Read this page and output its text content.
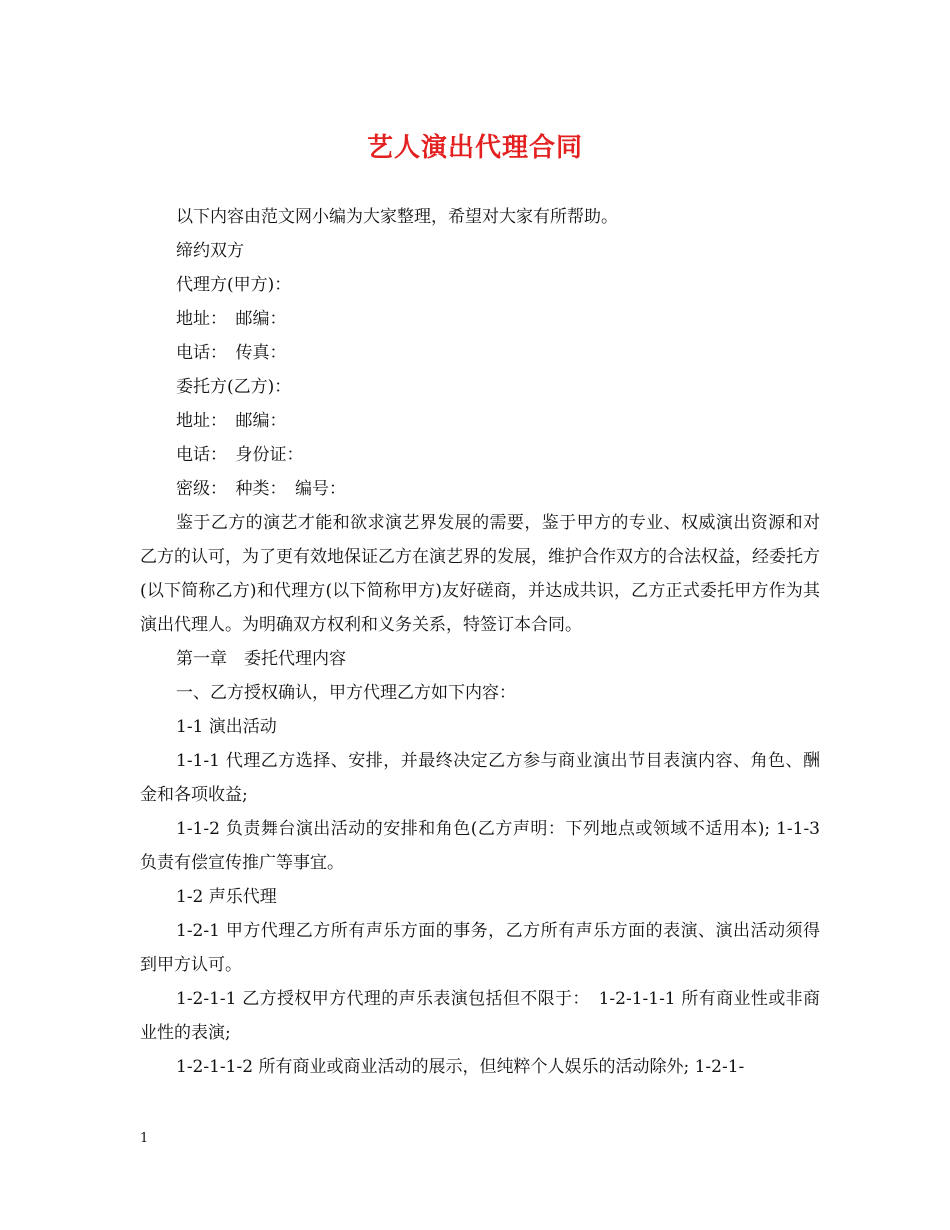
艺人演出代理合同

以下内容由范文网小编为大家整理，希望对大家有所帮助。

缔约双方

代理方(甲方)：

地址：　邮编：

电话：　传真：

委托方(乙方)：

地址：　邮编：

电话：　身份证：

密级：　种类：　编号：

鉴于乙方的演艺才能和欲求演艺界发展的需要，鉴于甲方的专业、权威演出资源和对乙方的认可，为了更有效地保证乙方在演艺界的发展，维护合作双方的合法权益，经委托方(以下简称乙方)和代理方(以下简称甲方)友好磋商，并达成共识，乙方正式委托甲方作为其演出代理人。为明确双方权利和义务关系，特签订本合同。

第一章　委托代理内容

一、乙方授权确认，甲方代理乙方如下内容：

1-1 演出活动

1-1-1 代理乙方选择、安排，并最终决定乙方参与商业演出节目表演内容、角色、酬金和各项收益;

1-1-2 负责舞台演出活动的安排和角色(乙方声明：下列地点或领域不适用本); 1-1-3 负责有偿宣传推广等事宜。

1-2 声乐代理

1-2-1 甲方代理乙方所有声乐方面的事务，乙方所有声乐方面的表演、演出活动须得到甲方认可。

1-2-1-1 乙方授权甲方代理的声乐表演包括但不限于：　1-2-1-1-1 所有商业性或非商业性的表演;

1-2-1-1-2 所有商业或商业活动的展示，但纯粹个人娱乐的活动除外; 1-2-1-

1
